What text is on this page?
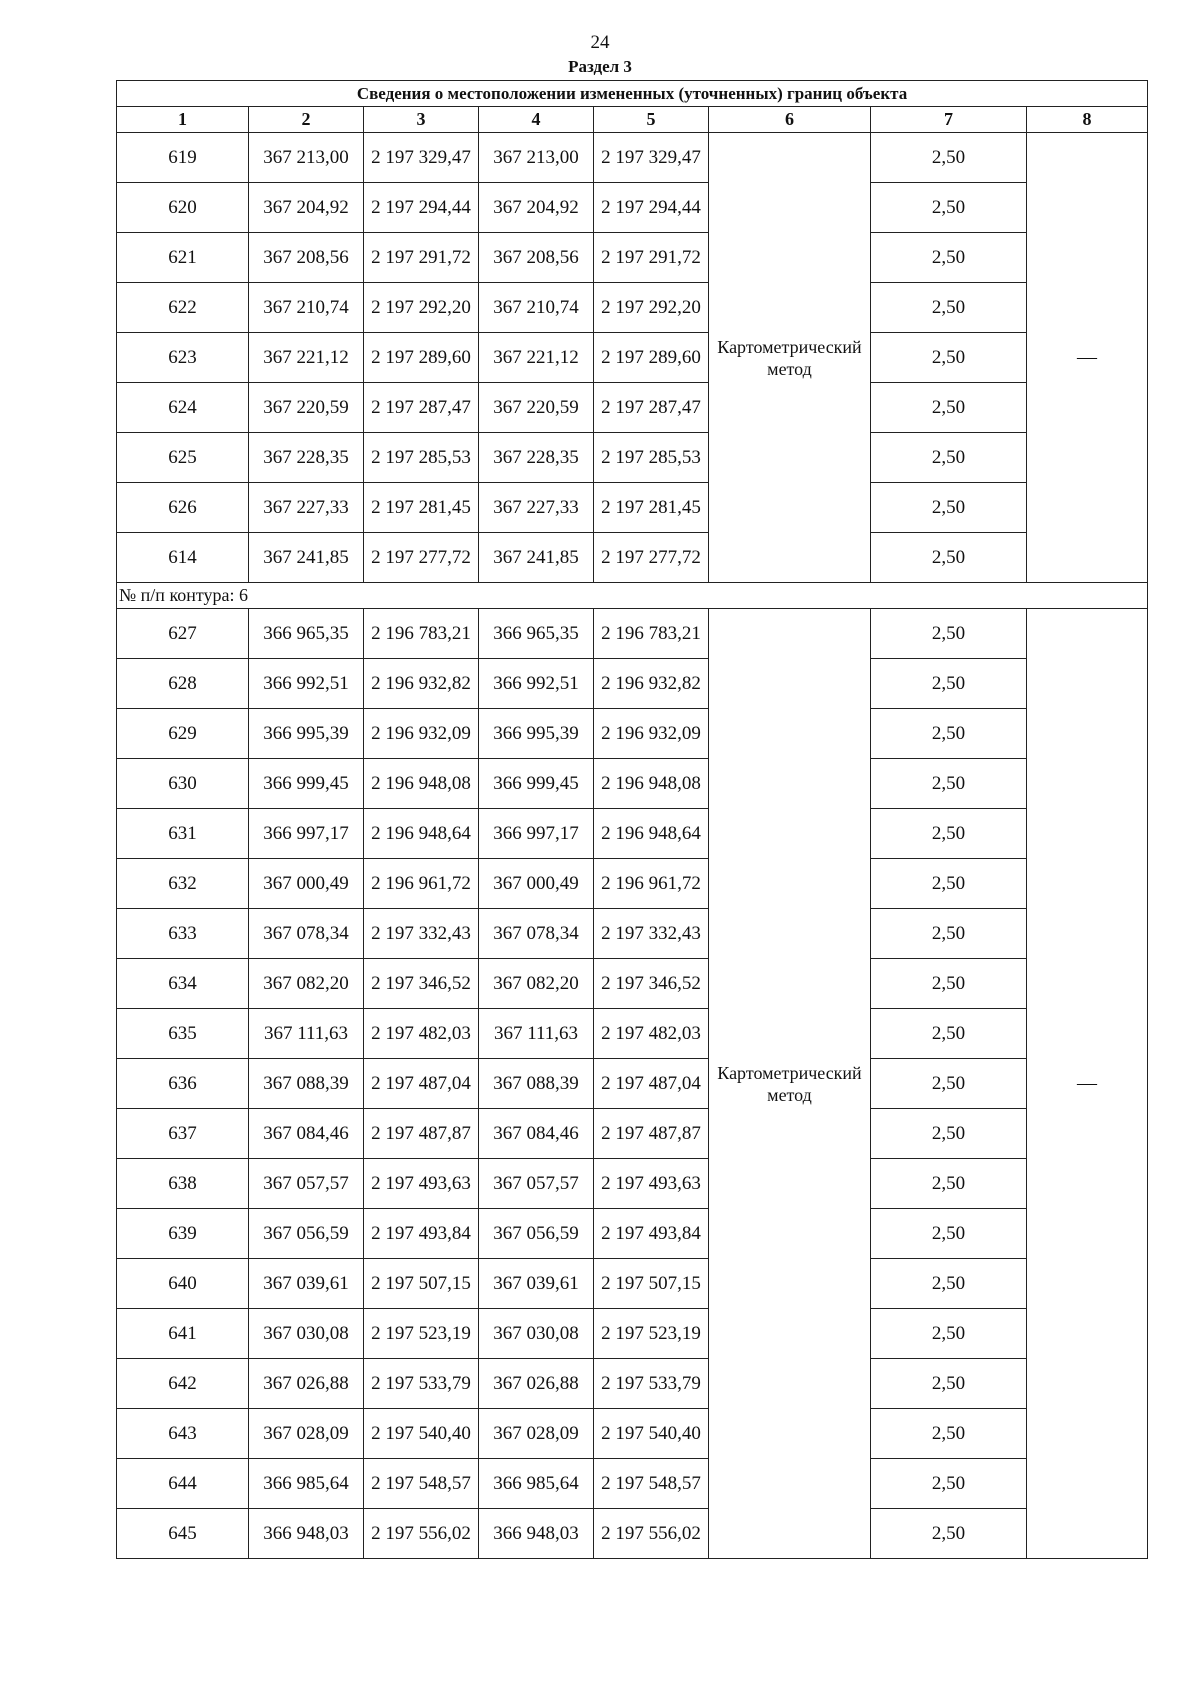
24
Раздел 3
Сведения о местоположении измененных (уточненных) границ объекта							
1	2	3	4	5	6	7	8
619	367 213,00	2 197 329,47	367 213,00	2 197 329,47	Картометрический метод	2,50	—
620	367 204,92	2 197 294,44	367 204,92	2 197 294,44		2,50	
621	367 208,56	2 197 291,72	367 208,56	2 197 291,72		2,50	
622	367 210,74	2 197 292,20	367 210,74	2 197 292,20		2,50	
623	367 221,12	2 197 289,60	367 221,12	2 197 289,60		2,50	
624	367 220,59	2 197 287,47	367 220,59	2 197 287,47		2,50	
625	367 228,35	2 197 285,53	367 228,35	2 197 285,53		2,50	
626	367 227,33	2 197 281,45	367 227,33	2 197 281,45		2,50	
614	367 241,85	2 197 277,72	367 241,85	2 197 277,72		2,50	
№ п/п контура: 6							
627	366 965,35	2 196 783,21	366 965,35	2 196 783,21	Картометрический метод	2,50	—
628	366 992,51	2 196 932,82	366 992,51	2 196 932,82		2,50	
629	366 995,39	2 196 932,09	366 995,39	2 196 932,09		2,50	
630	366 999,45	2 196 948,08	366 999,45	2 196 948,08		2,50	
631	366 997,17	2 196 948,64	366 997,17	2 196 948,64		2,50	
632	367 000,49	2 196 961,72	367 000,49	2 196 961,72		2,50	
633	367 078,34	2 197 332,43	367 078,34	2 197 332,43		2,50	
634	367 082,20	2 197 346,52	367 082,20	2 197 346,52		2,50	
635	367 111,63	2 197 482,03	367 111,63	2 197 482,03		2,50	
636	367 088,39	2 197 487,04	367 088,39	2 197 487,04		2,50	
637	367 084,46	2 197 487,87	367 084,46	2 197 487,87		2,50	
638	367 057,57	2 197 493,63	367 057,57	2 197 493,63		2,50	
639	367 056,59	2 197 493,84	367 056,59	2 197 493,84		2,50	
640	367 039,61	2 197 507,15	367 039,61	2 197 507,15		2,50	
641	367 030,08	2 197 523,19	367 030,08	2 197 523,19		2,50	
642	367 026,88	2 197 533,79	367 026,88	2 197 533,79		2,50	
643	367 028,09	2 197 540,40	367 028,09	2 197 540,40		2,50	
644	366 985,64	2 197 548,57	366 985,64	2 197 548,57		2,50	
645	366 948,03	2 197 556,02	366 948,03	2 197 556,02		2,50	
